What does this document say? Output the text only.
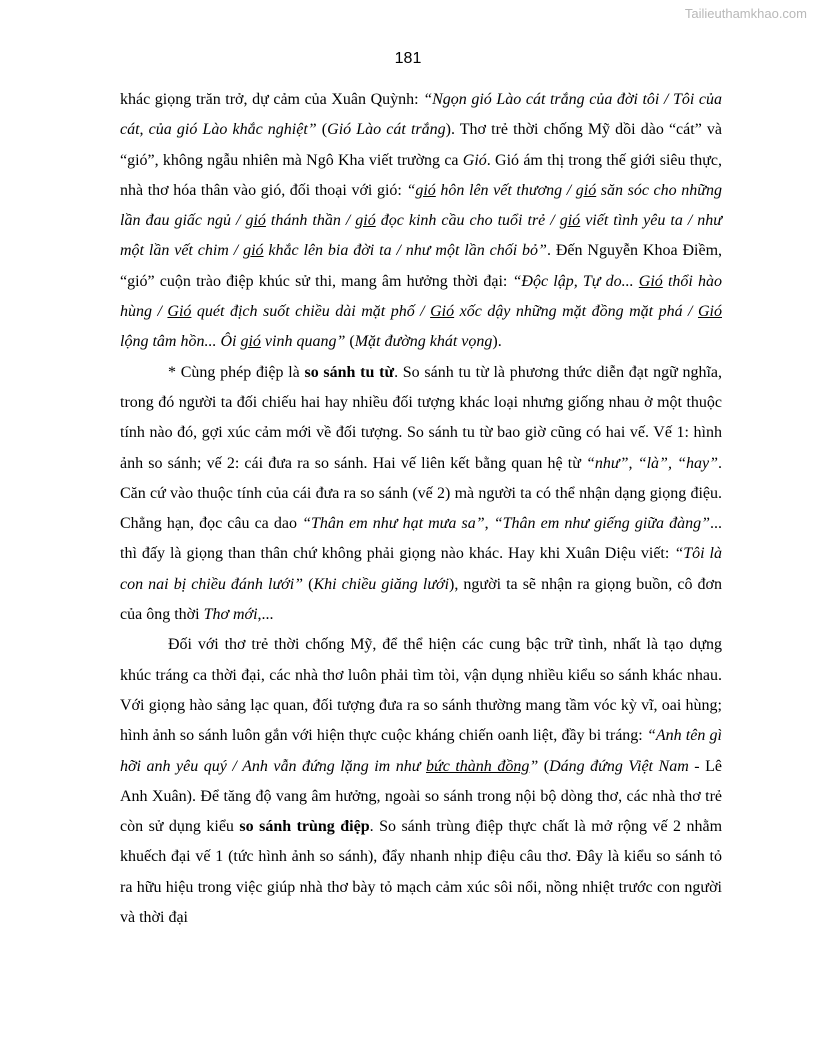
Tailieuthamkhao.com
181

khác giọng trăn trở, dự cảm của Xuân Quỳnh: “Ngọn gió Lào cát trắng của đời tôi / Tôi của cát, của gió Lào khắc nghiệt” (Gió Lào cát trắng). Thơ trẻ thời chống Mỹ dồi dào “cát” và “gió”, không ngẫu nhiên mà Ngô Kha viết trường ca Gió. Gió ám thị trong thế giới siêu thực, nhà thơ hóa thân vào gió, đối thoại với gió: “gió hôn lên vết thương / gió săn sóc cho những lần đau giấc ngủ / gió thánh thần / gió đọc kinh cầu cho tuổi trẻ / gió viết tình yêu ta / như một lần vết chim / gió khắc lên bia đời ta / như một lần chối bỏ”. Đến Nguyễn Khoa Điềm, “gió” cuộn trào điệp khúc sử thi, mang âm hưởng thời đại: “Độc lập, Tự do... Gió thổi hào hùng / Gió quét địch suốt chiều dài mặt phố / Gió xốc dậy những mặt đồng mặt phá / Gió lộng tâm hồn... Ôi gió vinh quang” (Mặt đường khát vọng).

* Cùng phép điệp là so sánh tu từ. So sánh tu từ là phương thức diễn đạt ngữ nghĩa, trong đó người ta đối chiếu hai hay nhiều đối tượng khác loại nhưng giống nhau ở một thuộc tính nào đó, gợi xúc cảm mới về đối tượng. So sánh tu từ bao giờ cũng có hai vế. Vế 1: hình ảnh so sánh; vế 2: cái đưa ra so sánh. Hai vế liên kết bằng quan hệ từ “như”, “là”, “hay”. Căn cứ vào thuộc tính của cái đưa ra so sánh (vế 2) mà người ta có thể nhận dạng giọng điệu. Chẳng hạn, đọc câu ca dao “Thân em như hạt mưa sa”, “Thân em như giếng giữa đàng”... thì đấy là giọng than thân chứ không phải giọng nào khác. Hay khi Xuân Diệu viết: “Tôi là con nai bị chiều đánh lưới” (Khi chiều giăng lưới), người ta sẽ nhận ra giọng buồn, cô đơn của ông thời Thơ mới,...

Đối với thơ trẻ thời chống Mỹ, để thể hiện các cung bậc trữ tình, nhất là tạo dựng khúc tráng ca thời đại, các nhà thơ luôn phải tìm tòi, vận dụng nhiều kiểu so sánh khác nhau. Với giọng hào sảng lạc quan, đối tượng đưa ra so sánh thường mang tầm vóc kỳ vĩ, oai hùng; hình ảnh so sánh luôn gắn với hiện thực cuộc kháng chiến oanh liệt, đầy bi tráng: “Anh tên gì hỡi anh yêu quý / Anh vẫn đứng lặng im như bức thành đồng” (Dáng đứng Việt Nam - Lê Anh Xuân). Để tăng độ vang âm hưởng, ngoài so sánh trong nội bộ dòng thơ, các nhà thơ trẻ còn sử dụng kiểu so sánh trùng điệp. So sánh trùng điệp thực chất là mở rộng vế 2 nhằm khuếch đại vế 1 (tức hình ảnh so sánh), đẩy nhanh nhịp điệu câu thơ. Đây là kiểu so sánh tỏ ra hữu hiệu trong việc giúp nhà thơ bày tỏ mạch cảm xúc sôi nổi, nồng nhiệt trước con người và thời đại
